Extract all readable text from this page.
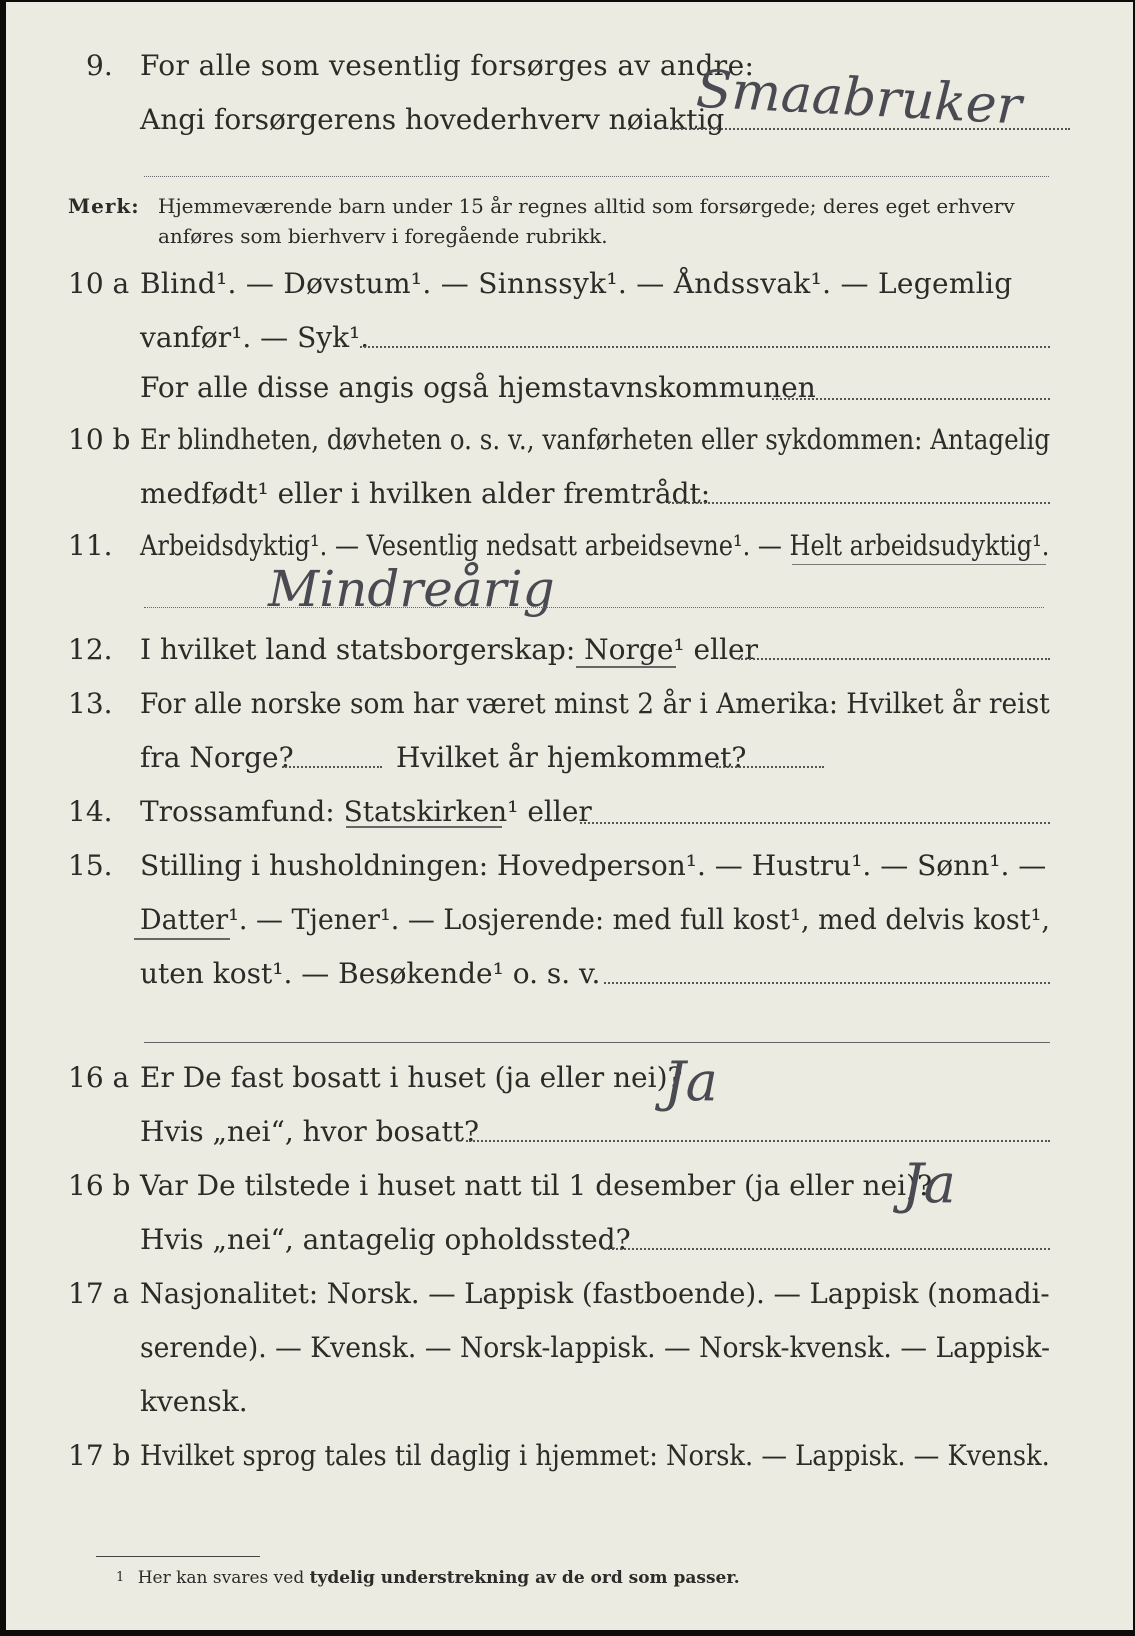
9. For alle som vesentlig forsørges av andre:
Angi forsørgerens hovederhverv nøiaktig
Smaabruker
Merk: Hjemmeværende barn under 15 år regnes alltid som forsørgede; deres eget erhverv
anføres som bierhverv i foregående rubrikk.
10 a Blind¹. — Døvstum¹. — Sinnssyk¹. — Åndssvak¹. — Legemlig
vanfør¹. — Syk¹.
For alle disse angis også hjemstavnskommunen
10 b Er blindheten, døvheten o. s. v., vanførheten eller sykdommen: Antagelig
medfødt¹ eller i hvilken alder fremtrådt:
11. Arbeidsdyktig¹. — Vesentlig nedsatt arbeidsevne¹. — Helt arbeidsudyktig¹.
Mindreårig
12. I hvilket land statsborgerskap: Norge¹ eller
13. For alle norske som har været minst 2 år i Amerika: Hvilket år reist
fra Norge?	Hvilket år hjemkommet?
14. Trossamfund: Statskirken¹ eller
15. Stilling i husholdningen: Hovedperson¹. — Hustru¹. — Sønn¹. —
Datter¹. — Tjener¹. — Losjerende: med full kost¹, med delvis kost¹,
uten kost¹. — Besøkende¹ o. s. v.
16 a Er De fast bosatt i huset (ja eller nei)?
Ja
Hvis „nei“, hvor bosatt?
16 b Var De tilstede i huset natt til 1 desember (ja eller nei)?
Ja
Hvis „nei“, antagelig opholdssted?
17 a Nasjonalitet: Norsk. — Lappisk (fastboende). — Lappisk (nomadi-
serende). — Kvensk. — Norsk-lappisk. — Norsk-kvensk. — Lappisk-
kvensk.
17 b Hvilket sprog tales til daglig i hjemmet: Norsk. — Lappisk. — Kvensk.
$^1$ Her kan svares ved tydelig understrekning av de ord som passer.
